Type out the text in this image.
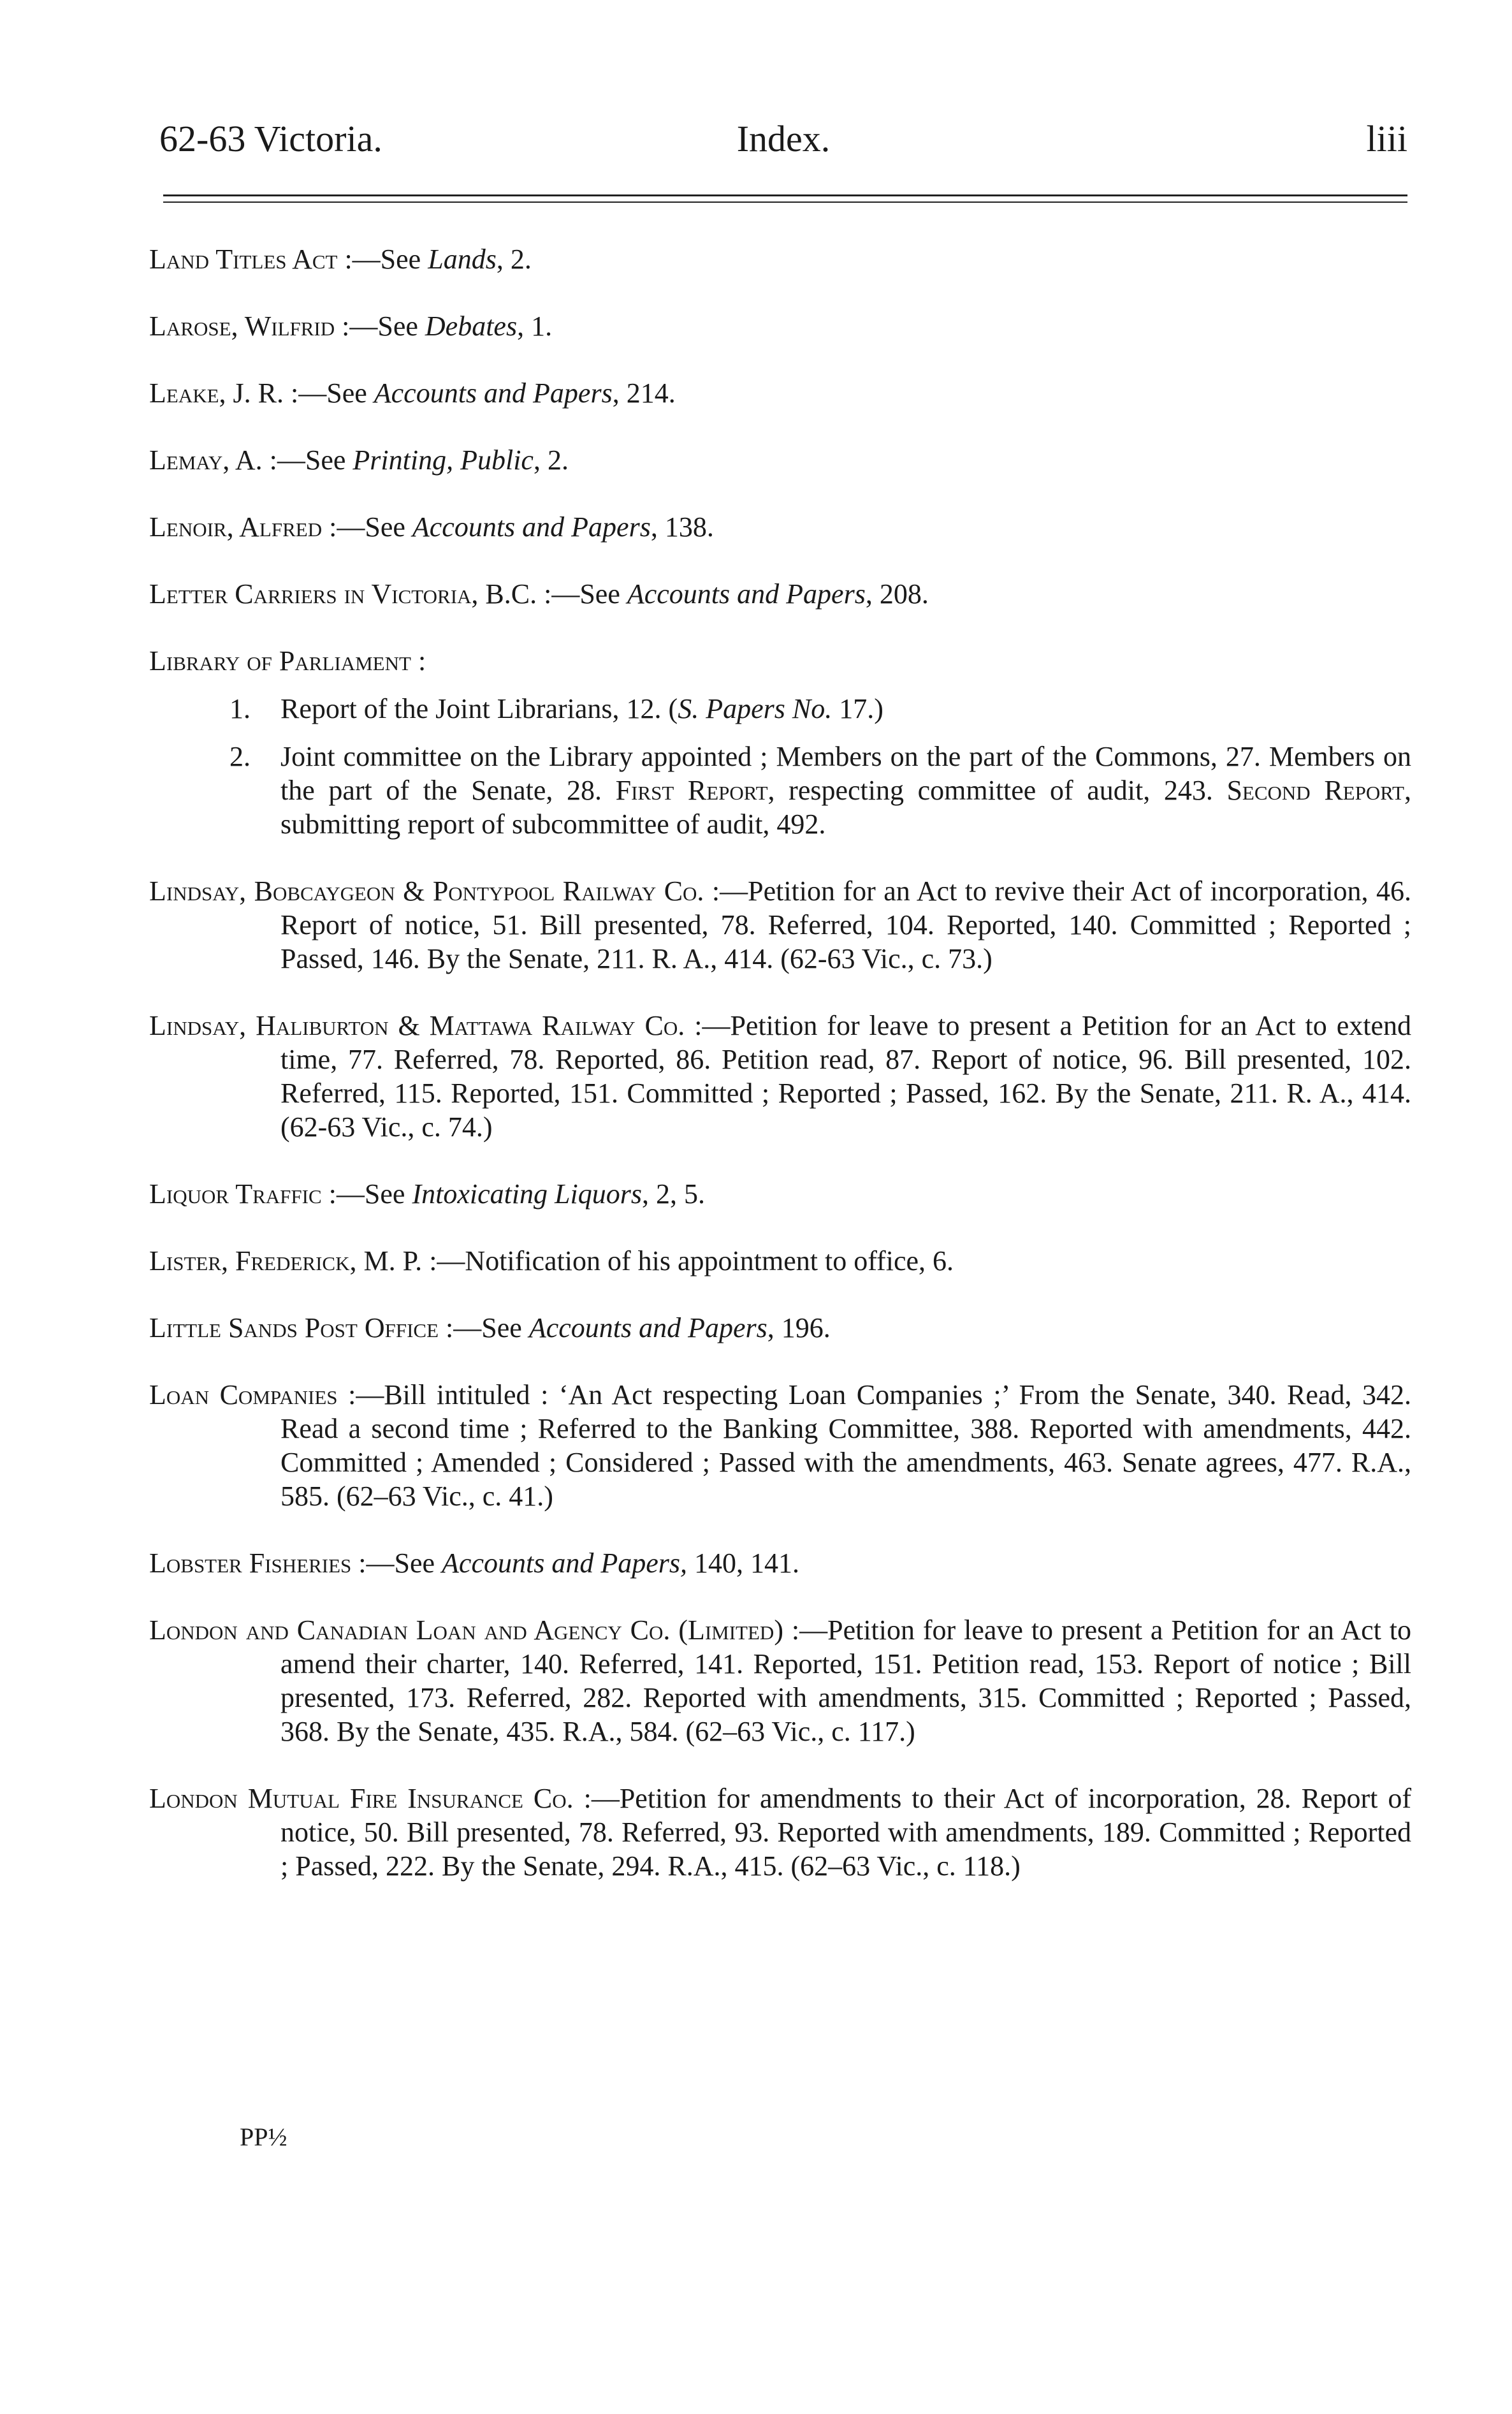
62-63 Victoria.	Index.	liii

Land Titles Act :—See Lands, 2.

Larose, Wilfrid :—See Debates, 1.

Leake, J. R. :—See Accounts and Papers, 214.

Lemay, A. :—See Printing, Public, 2.

Lenoir, Alfred :—See Accounts and Papers, 138.

Letter Carriers in Victoria, B.C. :—See Accounts and Papers, 208.

Library of Parliament :

1. Report of the Joint Librarians, 12. (S. Papers No. 17.)
2. Joint committee on the Library appointed ; Members on the part of the Commons, 27. Members on the part of the Senate, 28. First Report, respecting committee of audit, 243. Second Report, submitting report of subcommittee of audit, 492.

Lindsay, Bobcaygeon & Pontypool Railway Co. :—Petition for an Act to revive their Act of incorporation, 46. Report of notice, 51. Bill presented, 78. Referred, 104. Reported, 140. Committed ; Reported ; Passed, 146. By the Senate, 211. R. A., 414. (62-63 Vic., c. 73.)

Lindsay, Haliburton & Mattawa Railway Co. :—Petition for leave to present a Petition for an Act to extend time, 77. Referred, 78. Reported, 86. Petition read, 87. Report of notice, 96. Bill presented, 102. Referred, 115. Reported, 151. Committed ; Reported ; Passed, 162. By the Senate, 211. R. A., 414. (62-63 Vic., c. 74.)

Liquor Traffic :—See Intoxicating Liquors, 2, 5.

Lister, Frederick, M. P. :—Notification of his appointment to office, 6.

Little Sands Post Office :—See Accounts and Papers, 196.

Loan Companies :—Bill intituled : ‘An Act respecting Loan Companies ;’ From the Senate, 340. Read, 342. Read a second time ; Referred to the Banking Committee, 388. Reported with amendments, 442. Committed ; Amended ; Considered ; Passed with the amendments, 463. Senate agrees, 477. R.A., 585. (62–63 Vic., c. 41.)

Lobster Fisheries :—See Accounts and Papers, 140, 141.

London and Canadian Loan and Agency Co. (Limited) :—Petition for leave to present a Petition for an Act to amend their charter, 140. Referred, 141. Reported, 151. Petition read, 153. Report of notice ; Bill presented, 173. Referred, 282. Reported with amendments, 315. Committed ; Reported ; Passed, 368. By the Senate, 435. R.A., 584. (62–63 Vic., c. 117.)

London Mutual Fire Insurance Co. :—Petition for amendments to their Act of incorporation, 28. Report of notice, 50. Bill presented, 78. Referred, 93. Reported with amendments, 189. Committed ; Reported ; Passed, 222. By the Senate, 294. R.A., 415. (62–63 Vic., c. 118.)

PP½
